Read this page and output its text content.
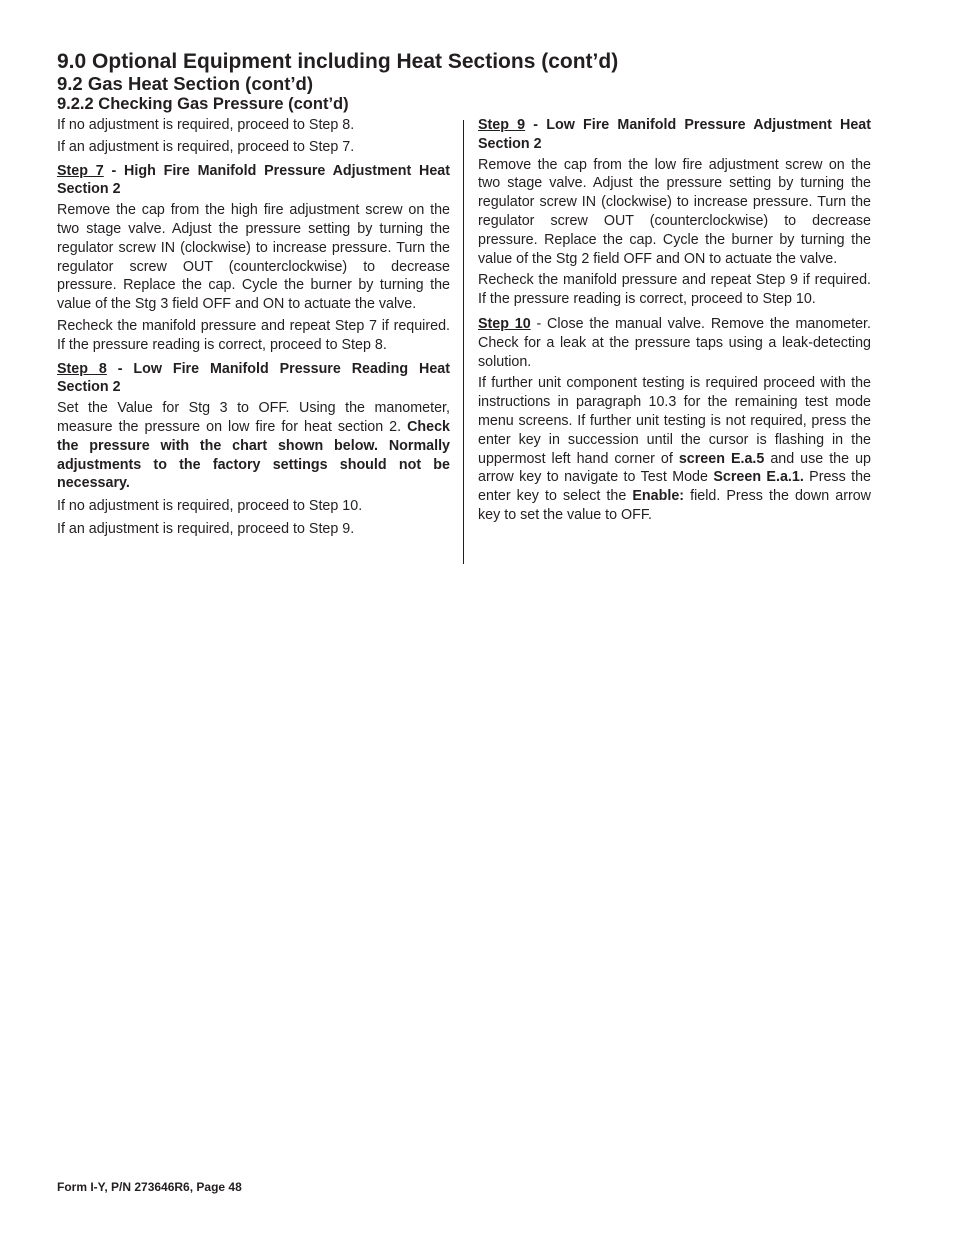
9.0 Optional Equipment including Heat Sections (cont’d)
9.2 Gas Heat Section (cont’d)
9.2.2 Checking Gas Pressure (cont’d)

If no adjustment is required, proceed to Step 8.

If an adjustment is required, proceed to Step 7.

Step 7 - High Fire Manifold Pressure Adjustment Heat Section 2

Remove the cap from the high fire adjustment screw on the two stage valve. Adjust the pressure setting by turning the regulator screw IN (clockwise) to increase pressure. Turn the regulator screw OUT (counterclockwise) to decrease pressure. Replace the cap. Cycle the burner by turning the value of the Stg 3 field OFF and ON to actuate the valve.

Recheck the manifold pressure and repeat Step 7 if required. If the pressure reading is correct, proceed to Step 8.

Step 8 - Low Fire Manifold Pressure Reading Heat Section 2

Set the Value for Stg 3 to OFF. Using the manometer, measure the pressure on low fire for heat section 2. Check the pressure with the chart shown below. Normally adjustments to the factory settings should not be necessary.

If no adjustment is required, proceed to Step 10.

If an adjustment is required, proceed to Step 9.

Step 9 - Low Fire Manifold Pressure Adjustment Heat Section 2

Remove the cap from the low fire adjustment screw on the two stage valve. Adjust the pressure setting by turning the regulator screw IN (clockwise) to increase pressure. Turn the regulator screw OUT (counterclockwise) to decrease pressure. Replace the cap. Cycle the burner by turning the value of the Stg 2 field OFF and ON to actuate the valve.

Recheck the manifold pressure and repeat Step 9 if required. If the pressure reading is correct, proceed to Step 10.

Step 10 - Close the manual valve. Remove the manometer. Check for a leak at the pressure taps using a leak-detecting solution.

If further unit component testing is required proceed with the instructions in paragraph 10.3 for the remaining test mode menu screens. If further unit testing is not required, press the enter key in succession until the cursor is flashing in the uppermost left hand corner of screen E.a.5 and use the up arrow key to navigate to Test Mode Screen E.a.1. Press the enter key to select the Enable: field. Press the down arrow key to set the value to OFF.

Form I-Y, P/N 273646R6, Page 48
